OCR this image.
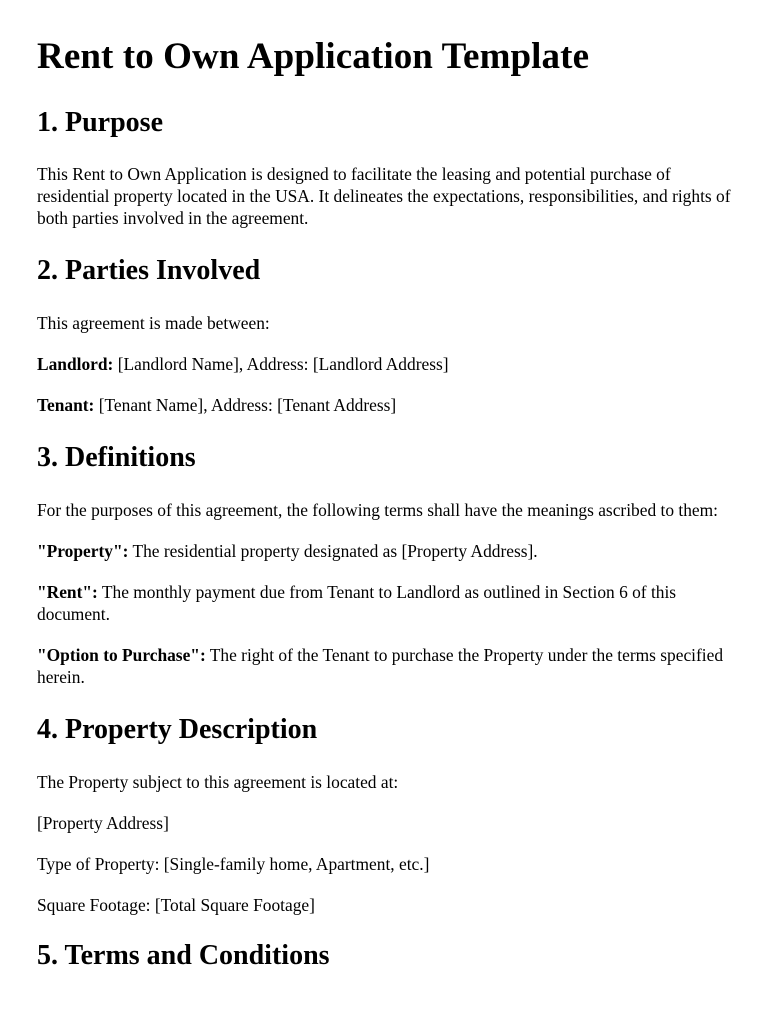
Rent to Own Application Template
1. Purpose

This Rent to Own Application is designed to facilitate the leasing and potential purchase of residential property located in the USA. It delineates the expectations, responsibilities, and rights of both parties involved in the agreement.

2. Parties Involved

This agreement is made between:

Landlord: [Landlord Name], Address: [Landlord Address]

Tenant: [Tenant Name], Address: [Tenant Address]

3. Definitions

For the purposes of this agreement, the following terms shall have the meanings ascribed to them:

"Property": The residential property designated as [Property Address].

"Rent": The monthly payment due from Tenant to Landlord as outlined in Section 6 of this document.

"Option to Purchase": The right of the Tenant to purchase the Property under the terms specified herein.

4. Property Description

The Property subject to this agreement is located at:

[Property Address]

Type of Property: [Single-family home, Apartment, etc.]

Square Footage: [Total Square Footage]

5. Terms and Conditions
